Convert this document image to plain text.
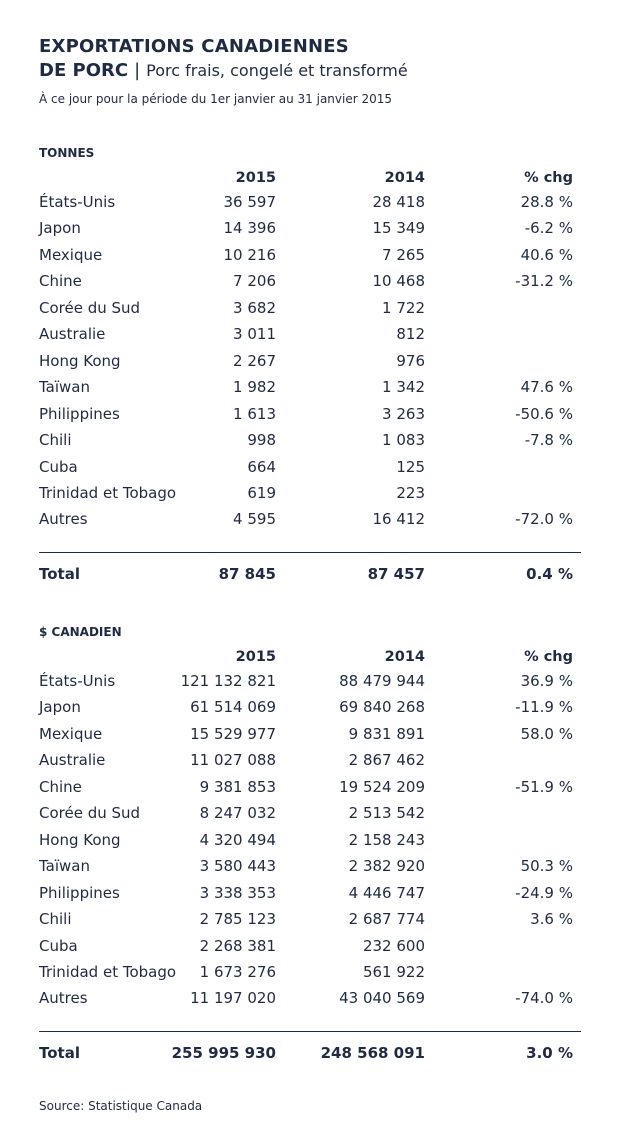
EXPORTATIONS CANADIENNES
DE PORC | Porc frais, congelé et transformé
À ce jour pour la période du 1er janvier au 31 janvier 2015
TONNES
2015	2014	% chg
États-Unis	36 597	28 418	28.8 %
Japon	14 396	15 349	-6.2 %
Mexique	10 216	7 265	40.6 %
Chine	7 206	10 468	-31.2 %
Corée du Sud	3 682	1 722
Australie	3 011	812
Hong Kong	2 267	976
Taïwan	1 982	1 342	47.6 %
Philippines	1 613	3 263	-50.6 %
Chili	998	1 083	-7.8 %
Cuba	664	125
Trinidad et Tobago	619	223
Autres	4 595	16 412	-72.0 %
Total	87 845	87 457	0.4 %
$ CANADIEN
2015	2014	% chg
États-Unis	121 132 821	88 479 944	36.9 %
Japon	61 514 069	69 840 268	-11.9 %
Mexique	15 529 977	9 831 891	58.0 %
Australie	11 027 088	2 867 462
Chine	9 381 853	19 524 209	-51.9 %
Corée du Sud	8 247 032	2 513 542
Hong Kong	4 320 494	2 158 243
Taïwan	3 580 443	2 382 920	50.3 %
Philippines	3 338 353	4 446 747	-24.9 %
Chili	2 785 123	2 687 774	3.6 %
Cuba	2 268 381	232 600
Trinidad et Tobago 1 673 276	561 922
Autres	11 197 020	43 040 569	-74.0 %
Total	255 995 930	248 568 091	3.0 %
Source: Statistique Canada
